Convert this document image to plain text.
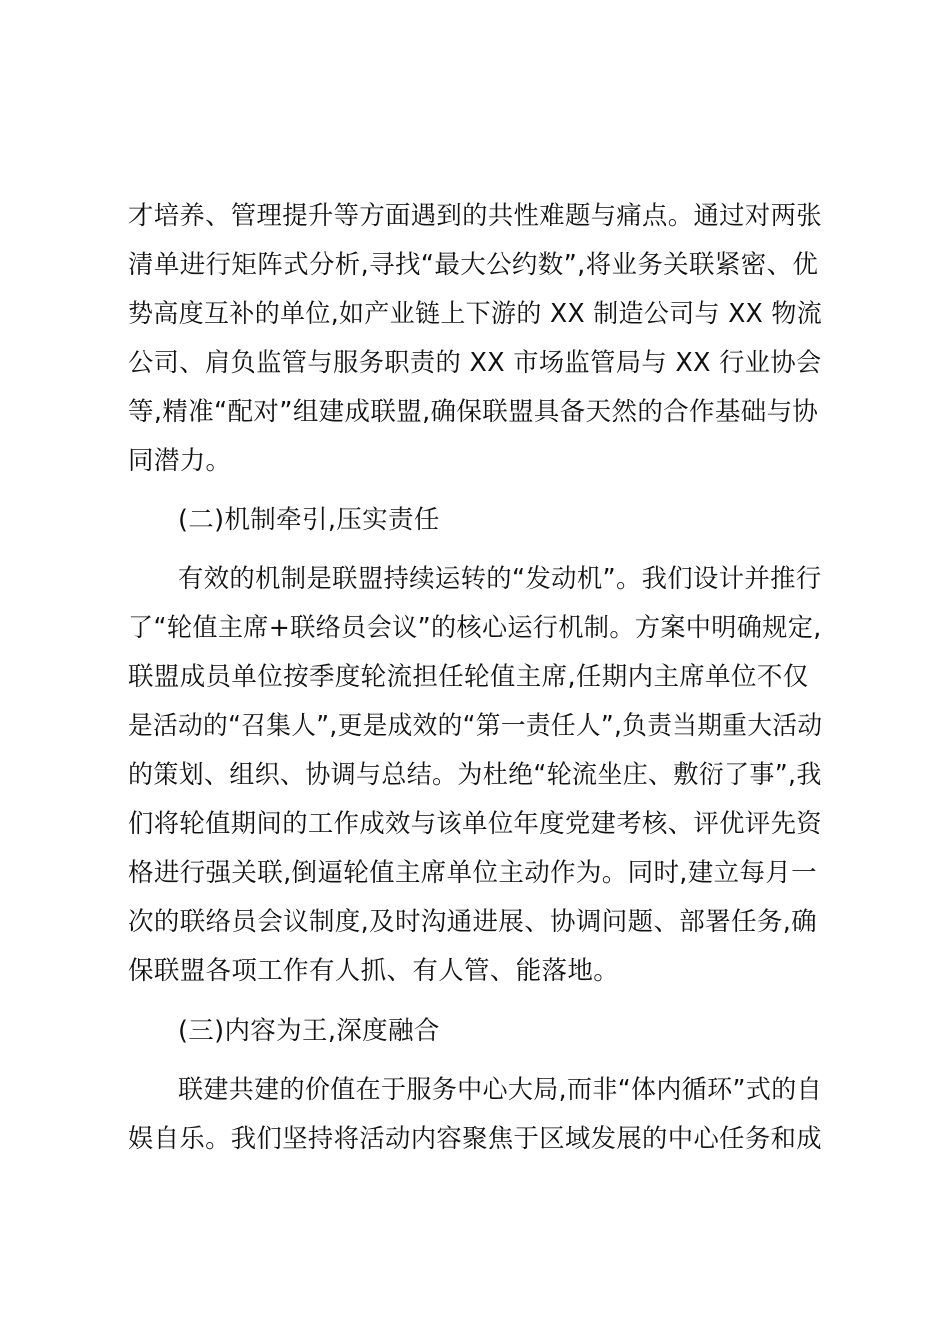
才培养、管理提升等方面遇到的共性难题与痛点。通过对两张
清单进行矩阵式分析,寻找“最大公约数”,将业务关联紧密、优
势高度互补的单位,如产业链上下游的 XX 制造公司与 XX 物流
公司、肩负监管与服务职责的 XX 市场监管局与 XX 行业协会
等,精准“配对”组建成联盟,确保联盟具备天然的合作基础与协
同潜力。
(二)机制牵引,压实责任
有效的机制是联盟持续运转的“发动机”。我们设计并推行
了“轮值主席+联络员会议”的核心运行机制。方案中明确规定,
联盟成员单位按季度轮流担任轮值主席,任期内主席单位不仅
是活动的“召集人”,更是成效的“第一责任人”,负责当期重大活动
的策划、组织、协调与总结。为杜绝“轮流坐庄、敷衍了事”,我
们将轮值期间的工作成效与该单位年度党建考核、评优评先资
格进行强关联,倒逼轮值主席单位主动作为。同时,建立每月一
次的联络员会议制度,及时沟通进展、协调问题、部署任务,确
保联盟各项工作有人抓、有人管、能落地。
(三)内容为王,深度融合
联建共建的价值在于服务中心大局,而非“体内循环”式的自
娱自乐。我们坚持将活动内容聚焦于区域发展的中心任务和成
